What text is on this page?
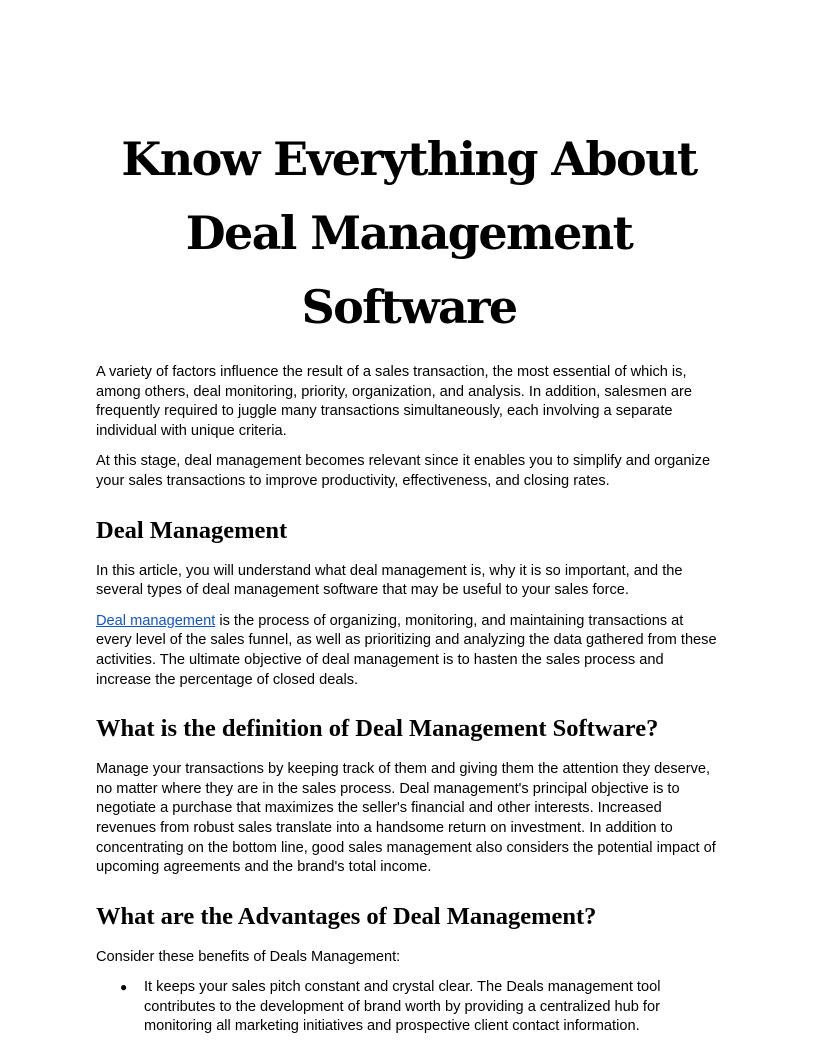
Know Everything About
Deal Management Software

A variety of factors influence the result of a sales transaction, the most essential of which is, among others, deal monitoring, priority, organization, and analysis. In addition, salesmen are frequently required to juggle many transactions simultaneously, each involving a separate individual with unique criteria.

At this stage, deal management becomes relevant since it enables you to simplify and organize your sales transactions to improve productivity, effectiveness, and closing rates.

Deal Management

In this article, you will understand what deal management is, why it is so important, and the several types of deal management software that may be useful to your sales force.

Deal management is the process of organizing, monitoring, and maintaining transactions at every level of the sales funnel, as well as prioritizing and analyzing the data gathered from these activities. The ultimate objective of deal management is to hasten the sales process and increase the percentage of closed deals.

What is the definition of Deal Management Software?

Manage your transactions by keeping track of them and giving them the attention they deserve, no matter where they are in the sales process. Deal management's principal objective is to negotiate a purchase that maximizes the seller's financial and other interests. Increased revenues from robust sales translate into a handsome return on investment. In addition to concentrating on the bottom line, good sales management also considers the potential impact of upcoming agreements and the brand's total income.

What are the Advantages of Deal Management?

Consider these benefits of Deals Management:

● It keeps your sales pitch constant and crystal clear. The Deals management tool contributes to the development of brand worth by providing a centralized hub for monitoring all marketing initiatives and prospective client contact information.
